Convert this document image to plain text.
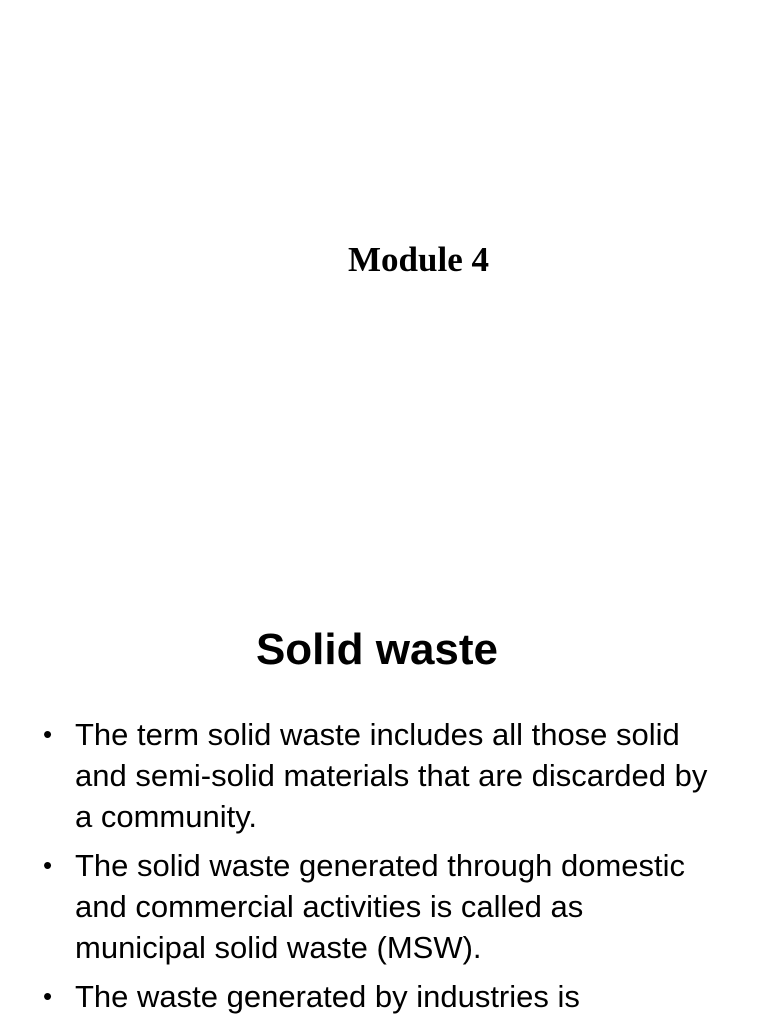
Module 4
Solid waste
• The term solid waste includes all those solid and semi-solid materials that are discarded by a community.
• The solid waste generated through domestic and commercial activities is called as municipal solid waste (MSW).
• The waste generated by industries is
